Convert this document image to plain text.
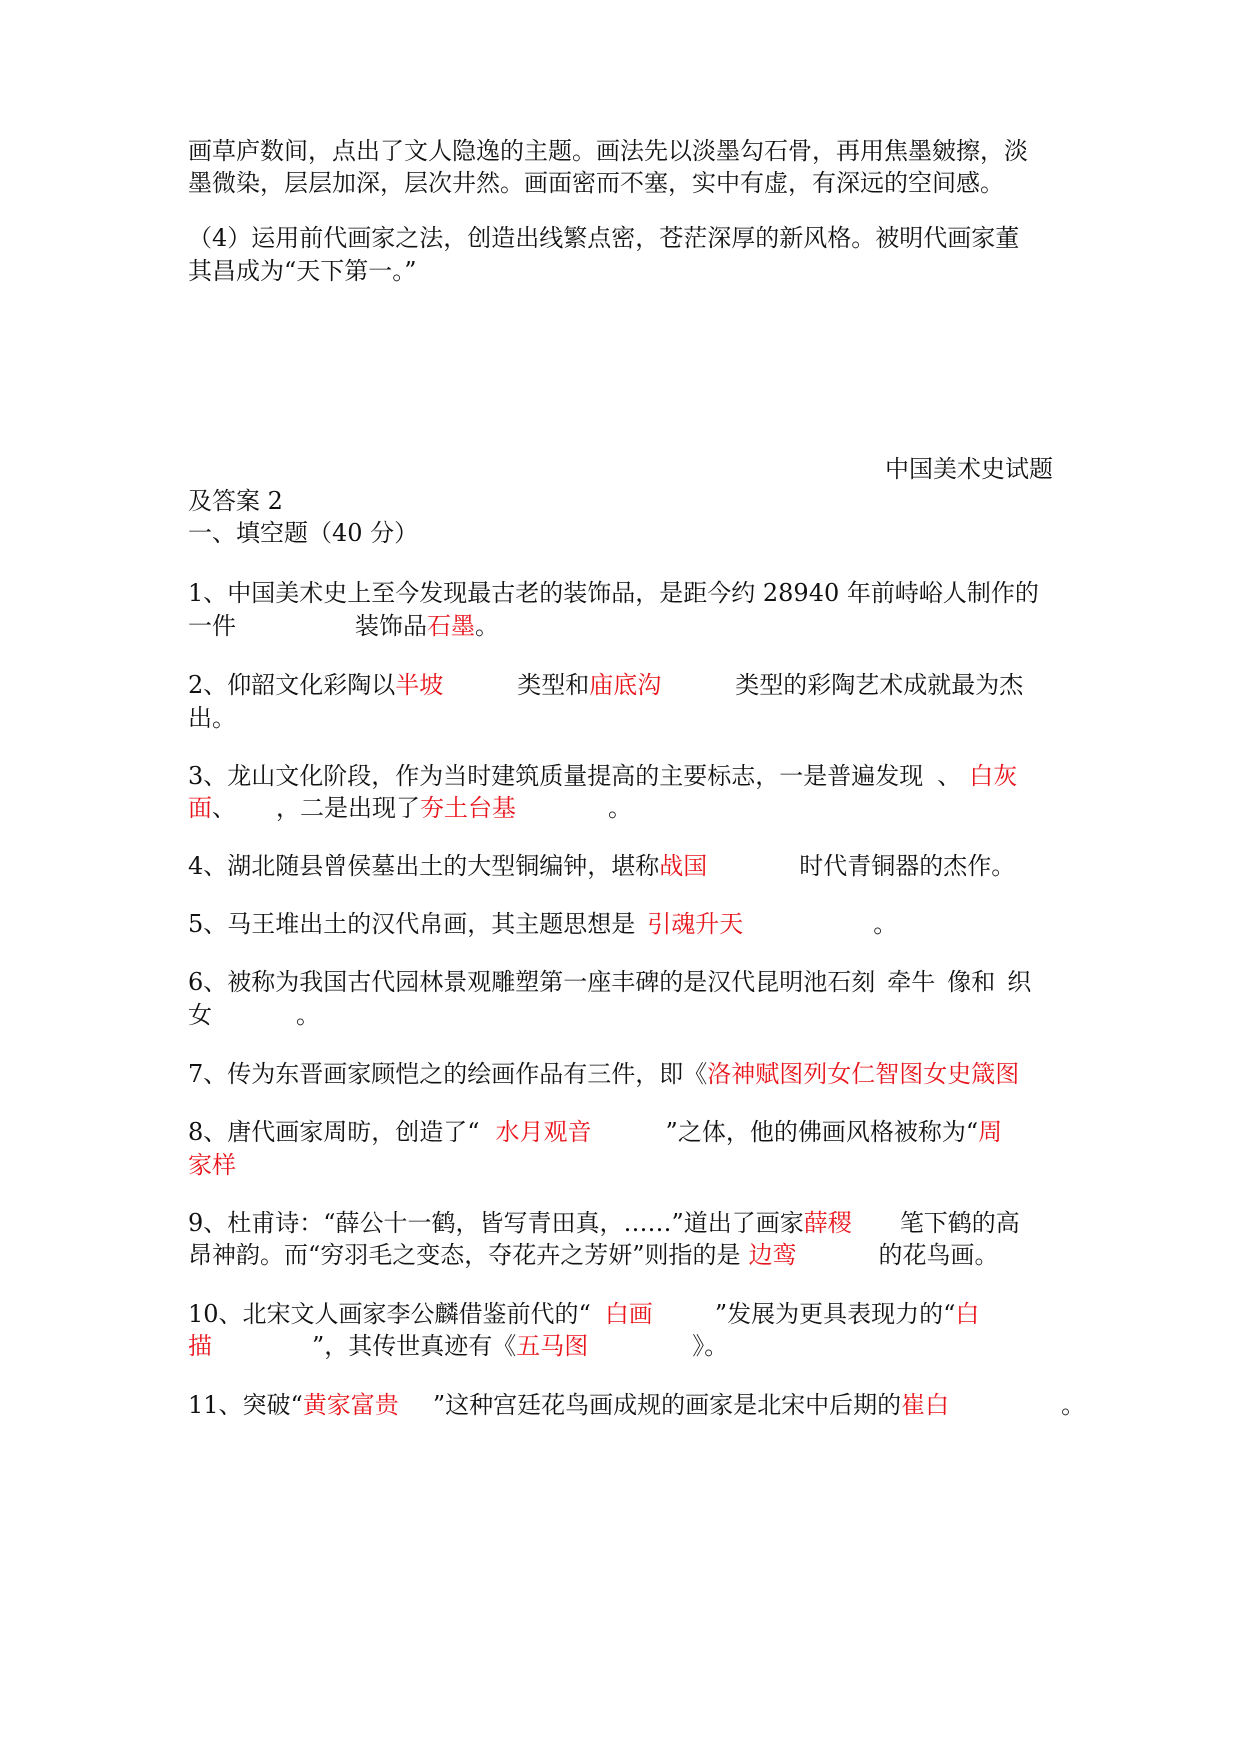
画草庐数间，点出了文人隐逸的主题。画法先以淡墨勾石骨，再用焦墨皴擦，淡
墨微染，层层加深，层次井然。画面密而不塞，实中有虚，有深远的空间感。
（4）运用前代画家之法，创造出线繁点密，苍茫深厚的新风格。被明代画家董
其昌成为“天下第一。”
中国美术史试题
及答案 2
一、填空题（40 分）
1、中国美术史上至今发现最古老的装饰品，是距今约 28940 年前峙峪人制作的
一件	装饰品石墨。
2、仰韶文化彩陶以半坡	类型和庙底沟	类型的彩陶艺术成就最为杰
出。
3、龙山文化阶段，作为当时建筑质量提高的主要标志，一是普遍发现 、 白灰
面、 ，二是出现了夯土台基	。
4、湖北随县曾侯墓出土的大型铜编钟，堪称战国	时代青铜器的杰作。
5、马王堆出土的汉代帛画，其主题思想是 引魂升天	。
6、被称为我国古代园林景观雕塑第一座丰碑的是汉代昆明池石刻 牵牛 像和 织
女	。
7、传为东晋画家顾恺之的绘画作品有三件，即《洛神赋图列女仁智图女史箴图
8、唐代画家周昉，创造了“ 水月观音	”之体，他的佛画风格被称为“周
家样
9、杜甫诗：“薛公十一鹤，皆写青田真，……”道出了画家薛稷 笔下鹤的高
昂神韵。而“穷羽毛之变态，夺花卉之芳妍”则指的是 边鸾	的花鸟画。
10、北宋文人画家李公麟借鉴前代的“ 白画	”发展为更具表现力的“白
描	”，其传世真迹有《五马图	》。
11、突破“黄家富贵 ”这种宫廷花鸟画成规的画家是北宋中后期的崔白	。
